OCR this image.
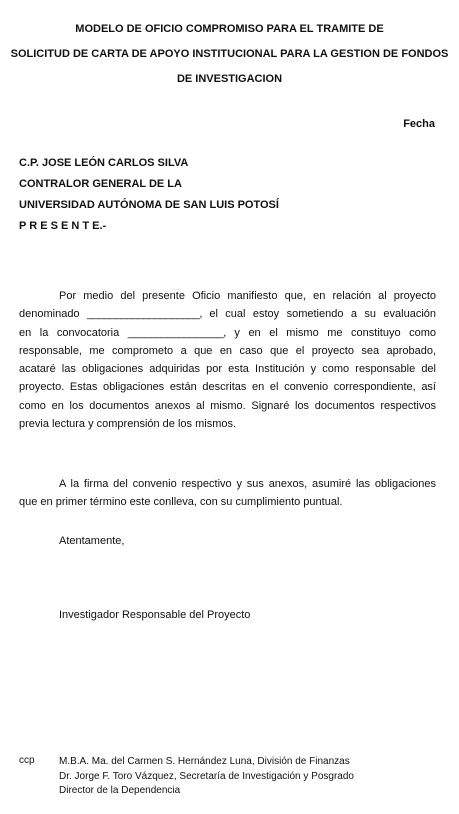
MODELO DE OFICIO COMPROMISO PARA EL TRAMITE DE
SOLICITUD DE CARTA DE APOYO INSTITUCIONAL PARA LA GESTION DE FONDOS
DE INVESTIGACION
Fecha
C.P. JOSE LEÓN CARLOS SILVA
CONTRALOR GENERAL DE LA
UNIVERSIDAD AUTÓNOMA DE SAN LUIS POTOSÍ
P R E S E N T E.-
Por medio del presente Oficio manifiesto que, en relación al proyecto
denominado ____________________, el cual estoy sometiendo a su evaluación
en la convocatoria _________________, y en el mismo me constituyo como
responsable, me comprometo a que en caso que el proyecto sea aprobado,
acataré las obligaciones adquiridas por esta Institución y como responsable del
proyecto. Estas obligaciones están descritas en el convenio correspondiente, así
como en los documentos anexos al mismo. Signaré los documentos respectivos
previa lectura y comprensión de los mismos.
A la firma del convenio respectivo y sus anexos, asumiré las obligaciones
que en primer término este conlleva, con su cumplimiento puntual.
Atentamente,
Investigador Responsable del Proyecto
ccp M.B.A. Ma. del Carmen S. Hernández Luna, División de Finanzas
Dr. Jorge F. Toro Vázquez, Secretaría de Investigación y Posgrado
Director de la Dependencia
